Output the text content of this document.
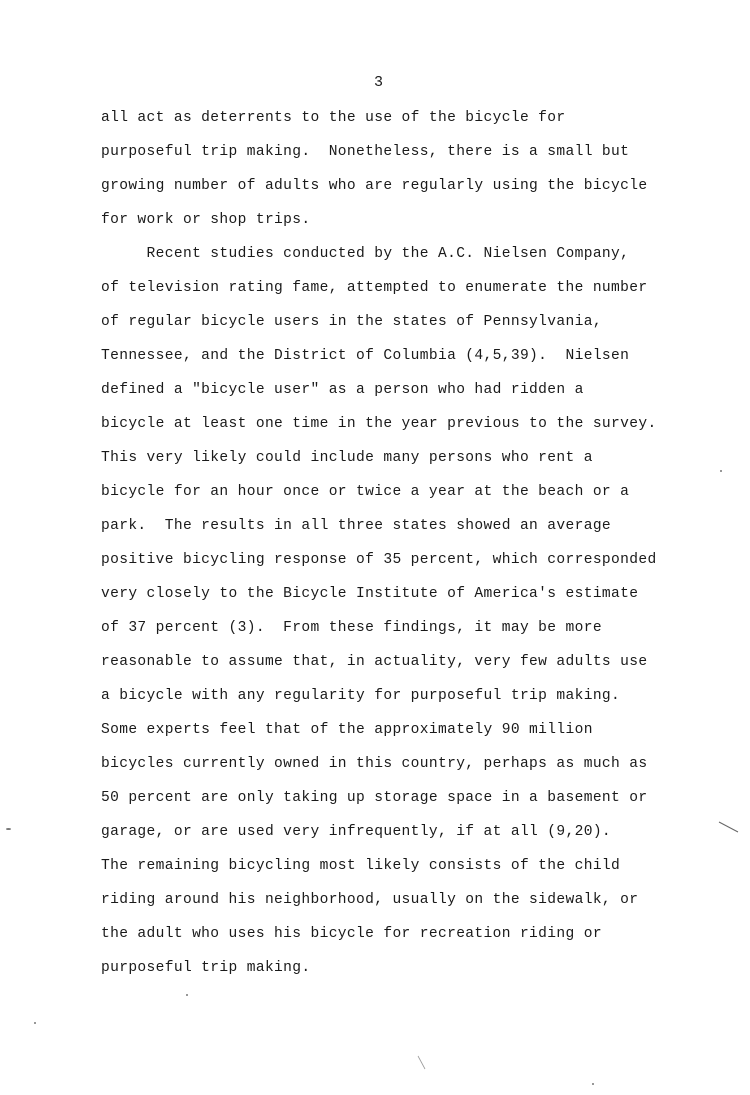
3
all act as deterrents to the use of the bicycle for
purposeful trip making.  Nonetheless, there is a small but
growing number of adults who are regularly using the bicycle
for work or shop trips.
Recent studies conducted by the A.C. Nielsen Company,
of television rating fame, attempted to enumerate the number
of regular bicycle users in the states of Pennsylvania,
Tennessee, and the District of Columbia (4,5,39).  Nielsen
defined a "bicycle user" as a person who had ridden a
bicycle at least one time in the year previous to the survey.
This very likely could include many persons who rent a
bicycle for an hour once or twice a year at the beach or a
park.  The results in all three states showed an average
positive bicycling response of 35 percent, which corresponded
very closely to the Bicycle Institute of America's estimate
of 37 percent (3).  From these findings, it may be more
reasonable to assume that, in actuality, very few adults use
a bicycle with any regularity for purposeful trip making.
Some experts feel that of the approximately 90 million
bicycles currently owned in this country, perhaps as much as
50 percent are only taking up storage space in a basement or
garage, or are used very infrequently, if at all (9,20).
The remaining bicycling most likely consists of the child
riding around his neighborhood, usually on the sidewalk, or
the adult who uses his bicycle for recreation riding or
purposeful trip making.
